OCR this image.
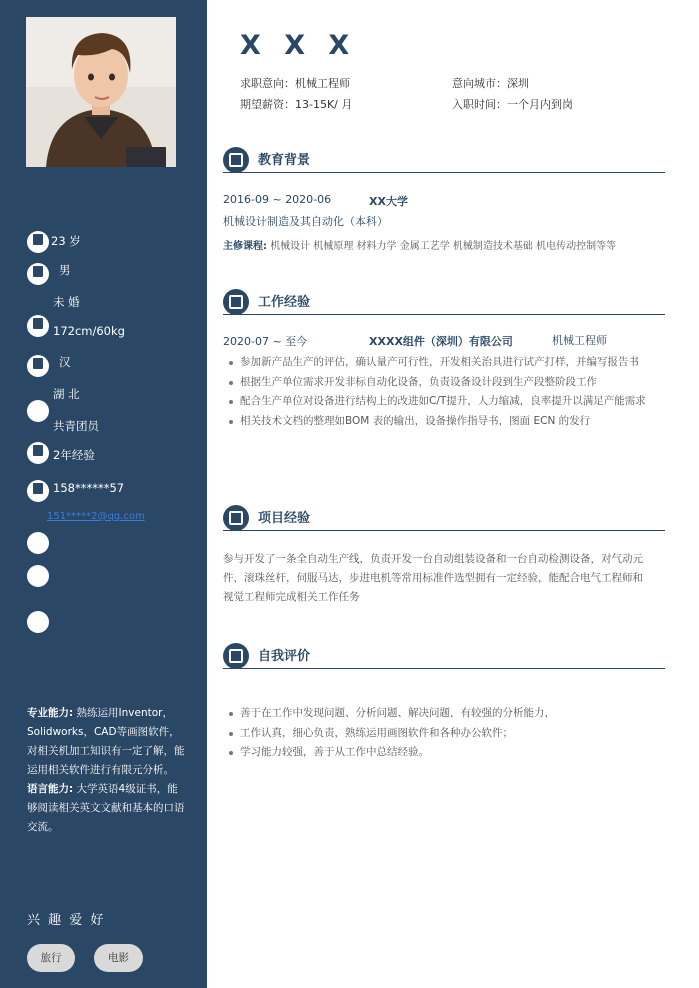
23 岁
男
未 婚
172cm/60kg
汉
湖 北
共青团员
2年经验
158******57
151*****2@qq.com

专业能力: 熟练运用Inventor，Solidworks，CAD等画图软件，对相关机加工知识有一定了解，能运用相关软件进行有限元分析。

语言能力: 大学英语4级证书，能够阅读相关英文文献和基本的口语交流。

兴 趣 爱 好
旅行	电影
X X X
求职意向：机械工程师	意向城市：深圳
期望薪资：13-15K/ 月	入职时间：一个月内到岗
教育背景
2016-09 ~ 2020-06	XX大学
机械设计制造及其自动化（本科）
主修课程: 机械设计 机械原理 材料力学 金属工艺学 机械制造技术基础 机电传动控制等等
工作经验
2020-07 ~ 至今	XXXX组件（深圳）有限公司	机械工程师
参加新产品生产的评估，确认量产可行性，开发相关治具进行试产打样，并编写报告书
根据生产单位需求开发非标自动化设备，负责设备设计段到生产段整阶段工作
配合生产单位对设备进行结构上的改进如C/T提升，人力缩减，良率提升以满足产能需求
相关技术文档的整理如BOM 表的输出，设备操作指导书，图面 ECN 的发行
项目经验
参与开发了一条全自动生产线，负责开发一台自动组装设备和一台自动检测设备，对气动元件，滚珠丝杆，伺服马达，步进电机等常用标准件选型拥有一定经验，能配合电气工程师和视觉工程师完成相关工作任务
自我评价
善于在工作中发现问题、分析问题、解决问题，有较强的分析能力，
工作认真，细心负责，熟练运用画图软件和各种办公软件；
学习能力较强，善于从工作中总结经验。
